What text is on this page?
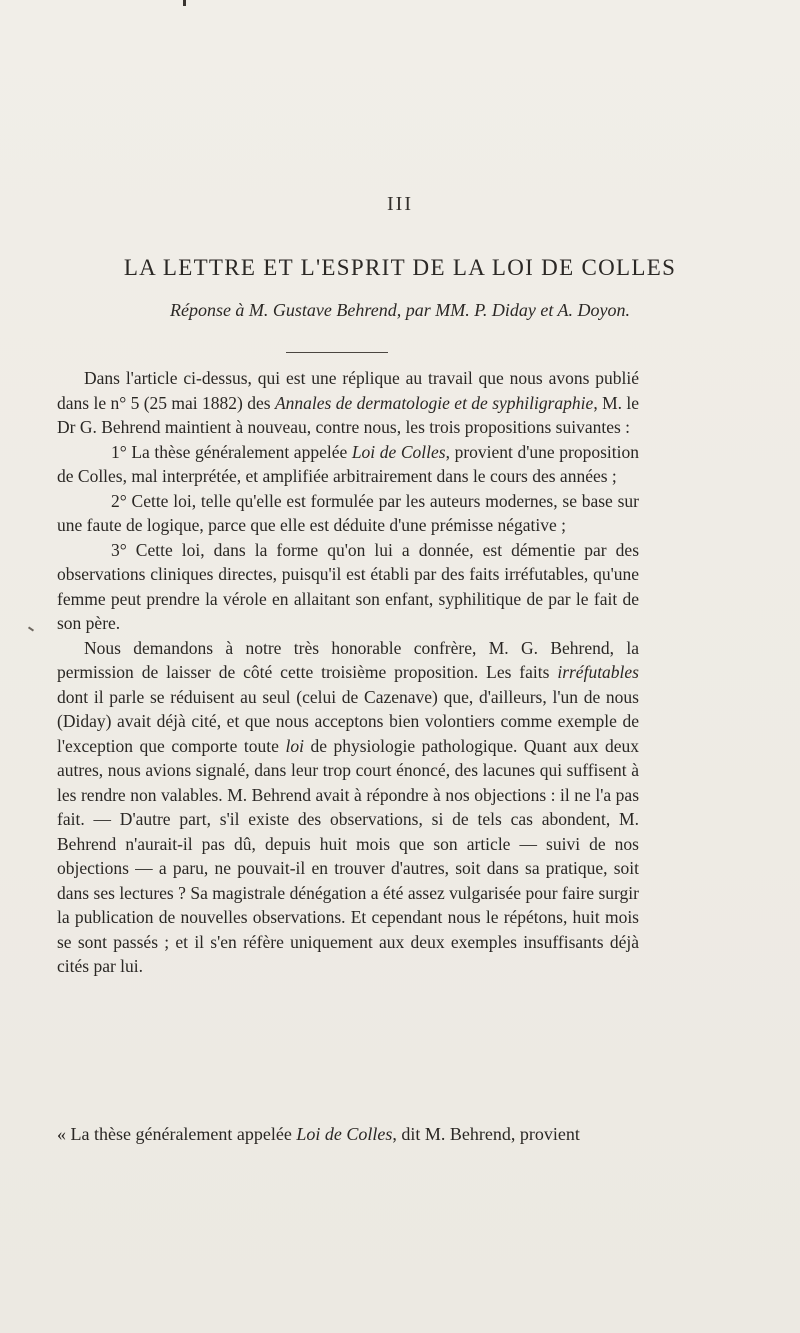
III
LA LETTRE ET L'ESPRIT DE LA LOI DE COLLES
Réponse à M. Gustave Behrend, par MM. P. Diday et A. Doyon.

Dans l'article ci-dessus, qui est une réplique au travail que nous avons publié dans le n° 5 (25 mai 1882) des Annales de dermatologie et de syphiligraphie, M. le Dr G. Behrend maintient à nouveau, contre nous, les trois propositions suivantes :

1° La thèse généralement appelée Loi de Colles, provient d'une proposition de Colles, mal interprétée, et amplifiée arbitrairement dans le cours des années ;

2° Cette loi, telle qu'elle est formulée par les auteurs modernes, se base sur une faute de logique, parce que elle est déduite d'une prémisse négative ;

3° Cette loi, dans la forme qu'on lui a donnée, est démentie par des observations cliniques directes, puisqu'il est établi par des faits irréfutables, qu'une femme peut prendre la vérole en allaitant son enfant, syphilitique de par le fait de son père.

Nous demandons à notre très honorable confrère, M. G. Behrend, la permission de laisser de côté cette troisième proposition. Les faits irréfutables dont il parle se réduisent au seul (celui de Cazenave) que, d'ailleurs, l'un de nous (Diday) avait déjà cité, et que nous acceptons bien volontiers comme exemple de l'exception que comporte toute loi de physiologie pathologique. Quant aux deux autres, nous avions signalé, dans leur trop court énoncé, des lacunes qui suffisent à les rendre non valables. M. Behrend avait à répondre à nos objections : il ne l'a pas fait. — D'autre part, s'il existe des observations, si de tels cas abondent, M. Behrend n'aurait-il pas dû, depuis huit mois que son article — suivi de nos objections — a paru, ne pouvait-il en trouver d'autres, soit dans sa pratique, soit dans ses lectures ? Sa magistrale dénégation a été assez vulgarisée pour faire surgir la publication de nouvelles observations. Et cependant nous le répétons, huit mois se sont passés ; et il s'en réfère uniquement aux deux exemples insuffisants déjà cités par lui.

« La thèse généralement appelée Loi de Colles, dit M. Behrend, provient
